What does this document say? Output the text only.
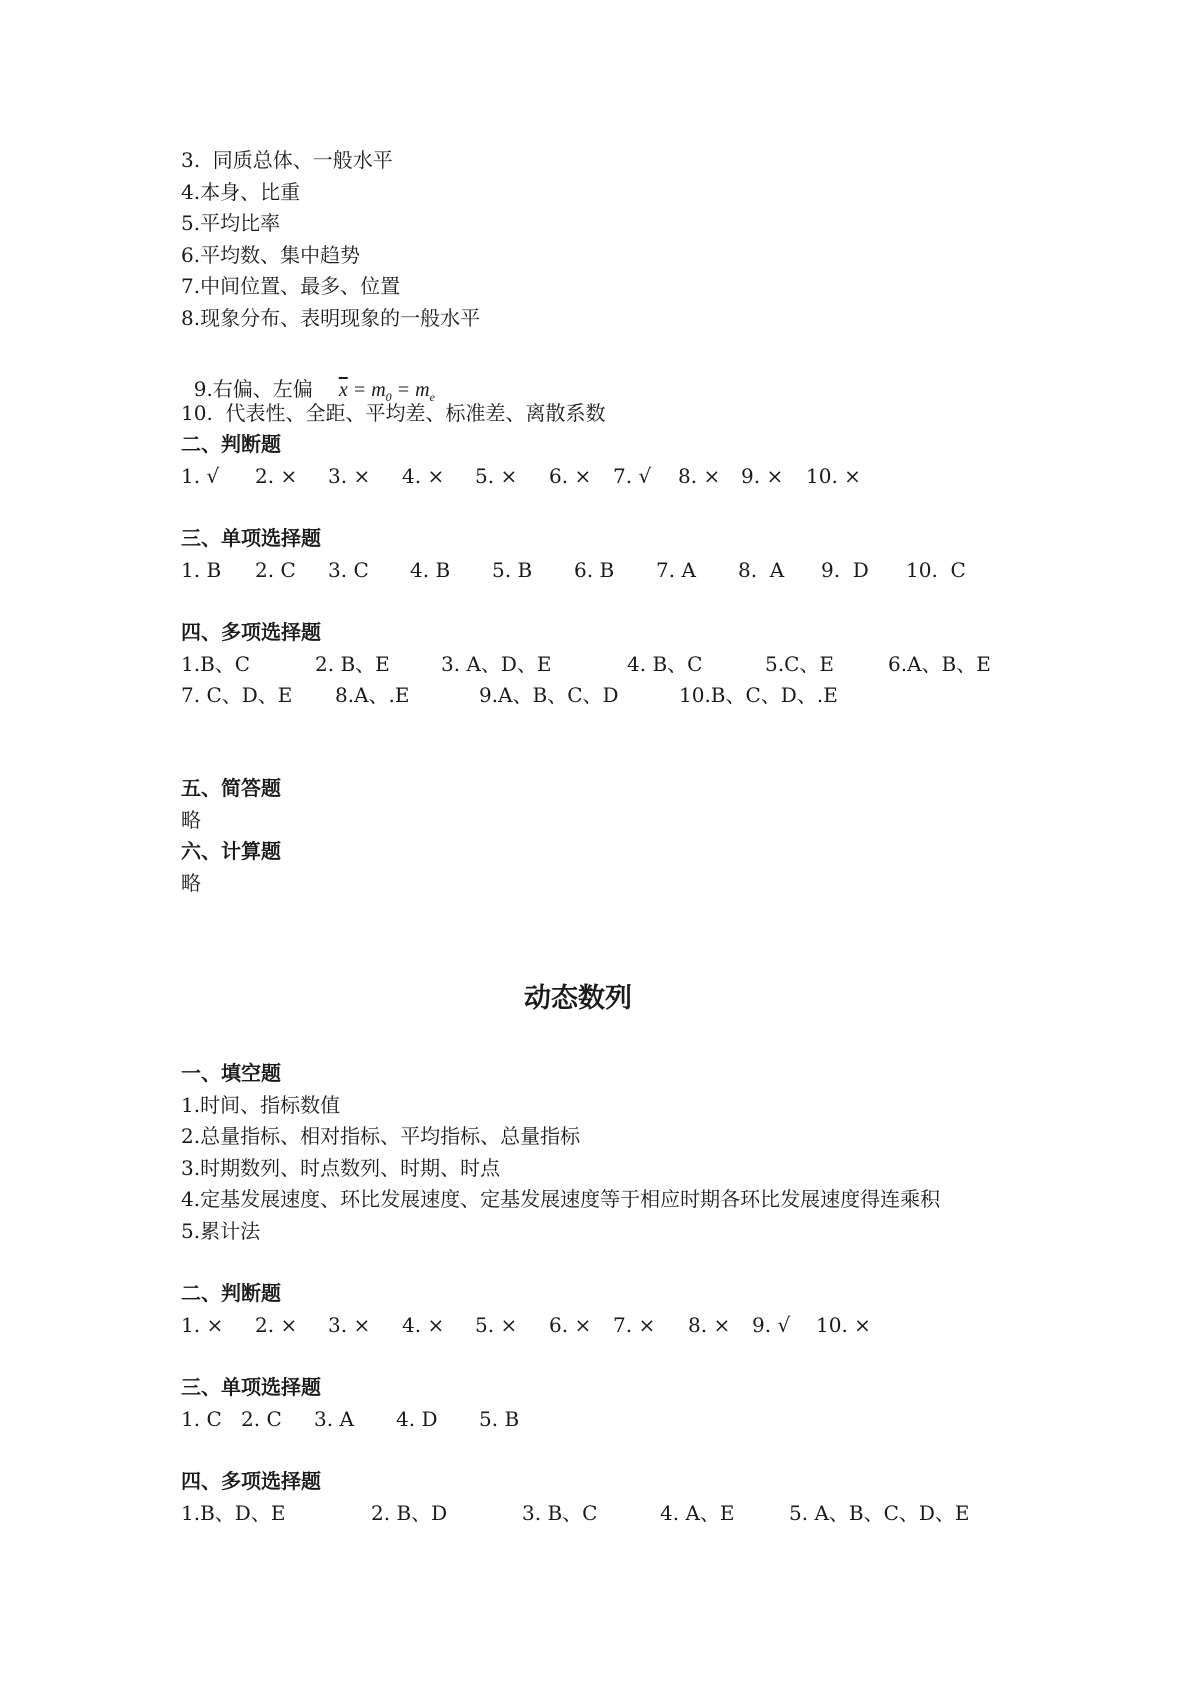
3.  同质总体、一般水平
4.本身、比重
5.平均比率
6.平均数、集中趋势
7.中间位置、最多、位置
8.现象分布、表明现象的一般水平

9.右偏、左偏 $\overline{x} = m_0 = m_e$

10.  代表性、全距、平均差、标准差、离散系数
二、判断题
1. √ 2. × 3. × 4. × 5. × 6. × 7. √ 8. × 9. × 10. ×
三、单项选择题
1. B 2. C 3. C 4. B 5. B 6. B 7. A 8.  A 9.  D 10.  C
四、多项选择题
1.B、C	2. B、E	3. A、D、E	4. B、C	5.C、E	6.A、B、E
7. C、D、E 8.A、.E	9.A、B、C、D	10.B、C、D、.E
五、简答题
略
六、计算题
略
动态数列
一、填空题
1.时间、指标数值
2.总量指标、相对指标、平均指标、总量指标
3.时期数列、时点数列、时期、时点
4.定基发展速度、环比发展速度、定基发展速度等于相应时期各环比发展速度得连乘积
5.累计法
二、判断题
1. × 2. × 3. × 4. × 5. × 6. × 7. × 8. × 9. √ 10. ×
三、单项选择题
1. C 2. C 3. A 4. D 5. B
四、多项选择题
1.B、D、E	2. B、D	3. B、C	4. A、E	5. A、B、C、D、E
